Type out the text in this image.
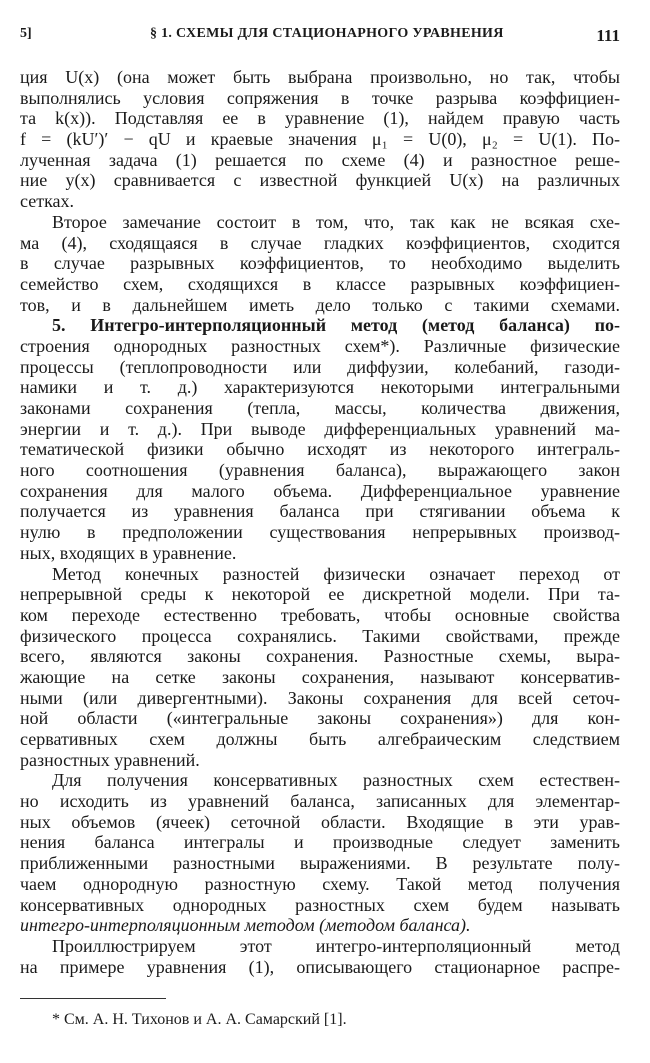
5]	§ 1. СХЕМЫ ДЛЯ СТАЦИОНАРНОГО УРАВНЕНИЯ	111
ция U(x) (она может быть выбрана произвольно, но так, чтобы
выполнялись условия сопряжения в точке разрыва коэффициен-
та k(x)). Подставляя ее в уравнение (1), найдем правую часть
f = (kU′)′ − qU и краевые значения μ₁ = U(0), μ₂ = U(1). По-
лученная задача (1) решается по схеме (4) и разностное реше-
ние y(x) сравнивается с известной функцией U(x) на различных
сетках.
Второе замечание состоит в том, что, так как не всякая схе-
ма (4), сходящаяся в случае гладких коэффициентов, сходится
в случае разрывных коэффициентов, то необходимо выделить
семейство схем, сходящихся в классе разрывных коэффициен-
тов, и в дальнейшем иметь дело только с такими схемами.
5. Интегро-интерполяционный метод (метод баланса) по-
строения однородных разностных схем*). Различные физические
процессы (теплопроводности или диффузии, колебаний, газоди-
намики и т. д.) характеризуются некоторыми интегральными
законами сохранения (тепла, массы, количества движения,
энергии и т. д.). При выводе дифференциальных уравнений ма-
тематической физики обычно исходят из некоторого интеграль-
ного соотношения (уравнения баланса), выражающего закон
сохранения для малого объема. Дифференциальное уравнение
получается из уравнения баланса при стягивании объема к
нулю в предположении существования непрерывных производ-
ных, входящих в уравнение.
Метод конечных разностей физически означает переход от
непрерывной среды к некоторой ее дискретной модели. При та-
ком переходе естественно требовать, чтобы основные свойства
физического процесса сохранялись. Такими свойствами, прежде
всего, являются законы сохранения. Разностные схемы, выра-
жающие на сетке законы сохранения, называют консерватив-
ными (или дивергентными). Законы сохранения для всей сеточ-
ной области («интегральные законы сохранения») для кон-
сервативных схем должны быть алгебраическим следствием
разностных уравнений.
Для получения консервативных разностных схем естествен-
но исходить из уравнений баланса, записанных для элементар-
ных объемов (ячеек) сеточной области. Входящие в эти урав-
нения баланса интегралы и производные следует заменить
приближенными разностными выражениями. В результате полу-
чаем однородную разностную схему. Такой метод получения
консервативных однородных разностных схем будем называть
интегро-интерполяционным методом (методом баланса).
Проиллюстрируем этот интегро-интерполяционный метод
на примере уравнения (1), описывающего стационарное распре-
* См. А. Н. Тихонов и А. А. Самарский [1].
